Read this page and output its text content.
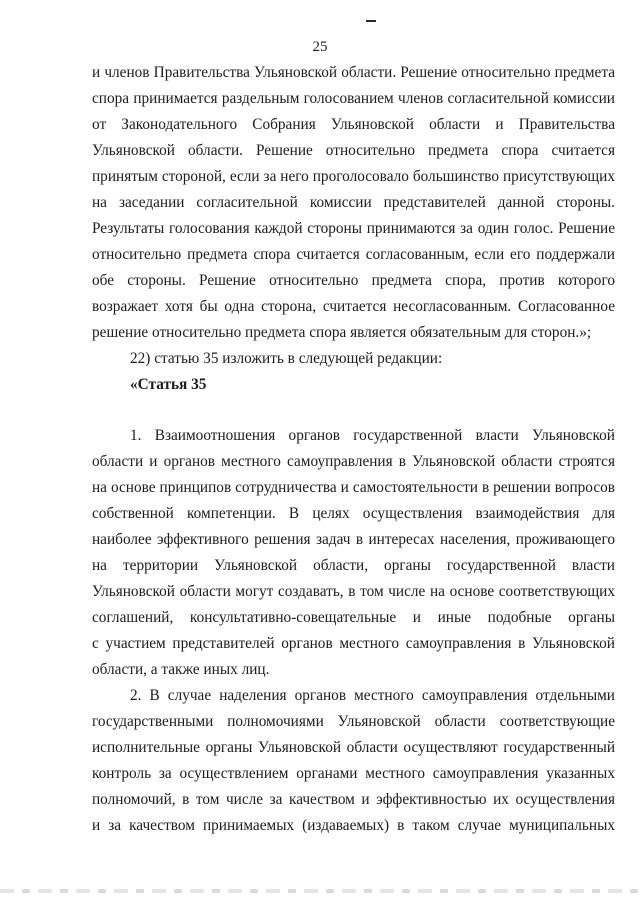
25
и членов Правительства Ульяновской области. Решение относительно предмета
спора принимается раздельным голосованием членов согласительной комиссии
от Законодательного Собрания Ульяновской области и Правительства
Ульяновской области. Решение относительно предмета спора считается
принятым стороной, если за него проголосовало большинство присутствующих
на заседании согласительной комиссии представителей данной стороны.
Результаты голосования каждой стороны принимаются за один голос. Решение
относительно предмета спора считается согласованным, если его поддержали
обе стороны. Решение относительно предмета спора, против которого
возражает хотя бы одна сторона, считается несогласованным. Согласованное
решение относительно предмета спора является обязательным для сторон.»;
22) статью 35 изложить в следующей редакции:
«Статья 35
1. Взаимоотношения органов государственной власти Ульяновской
области и органов местного самоуправления в Ульяновской области строятся
на основе принципов сотрудничества и самостоятельности в решении вопросов
собственной компетенции. В целях осуществления взаимодействия для
наиболее эффективного решения задач в интересах населения, проживающего
на территории Ульяновской области, органы государственной власти
Ульяновской области могут создавать, в том числе на основе соответствующих
соглашений, консультативно-совещательные и иные подобные органы
с участием представителей органов местного самоуправления в Ульяновской
области, а также иных лиц.
2. В случае наделения органов местного самоуправления отдельными
государственными полномочиями Ульяновской области соответствующие
исполнительные органы Ульяновской области осуществляют государственный
контроль за осуществлением органами местного самоуправления указанных
полномочий, в том числе за качеством и эффективностью их осуществления
и за качеством принимаемых (издаваемых) в таком случае муниципальных
